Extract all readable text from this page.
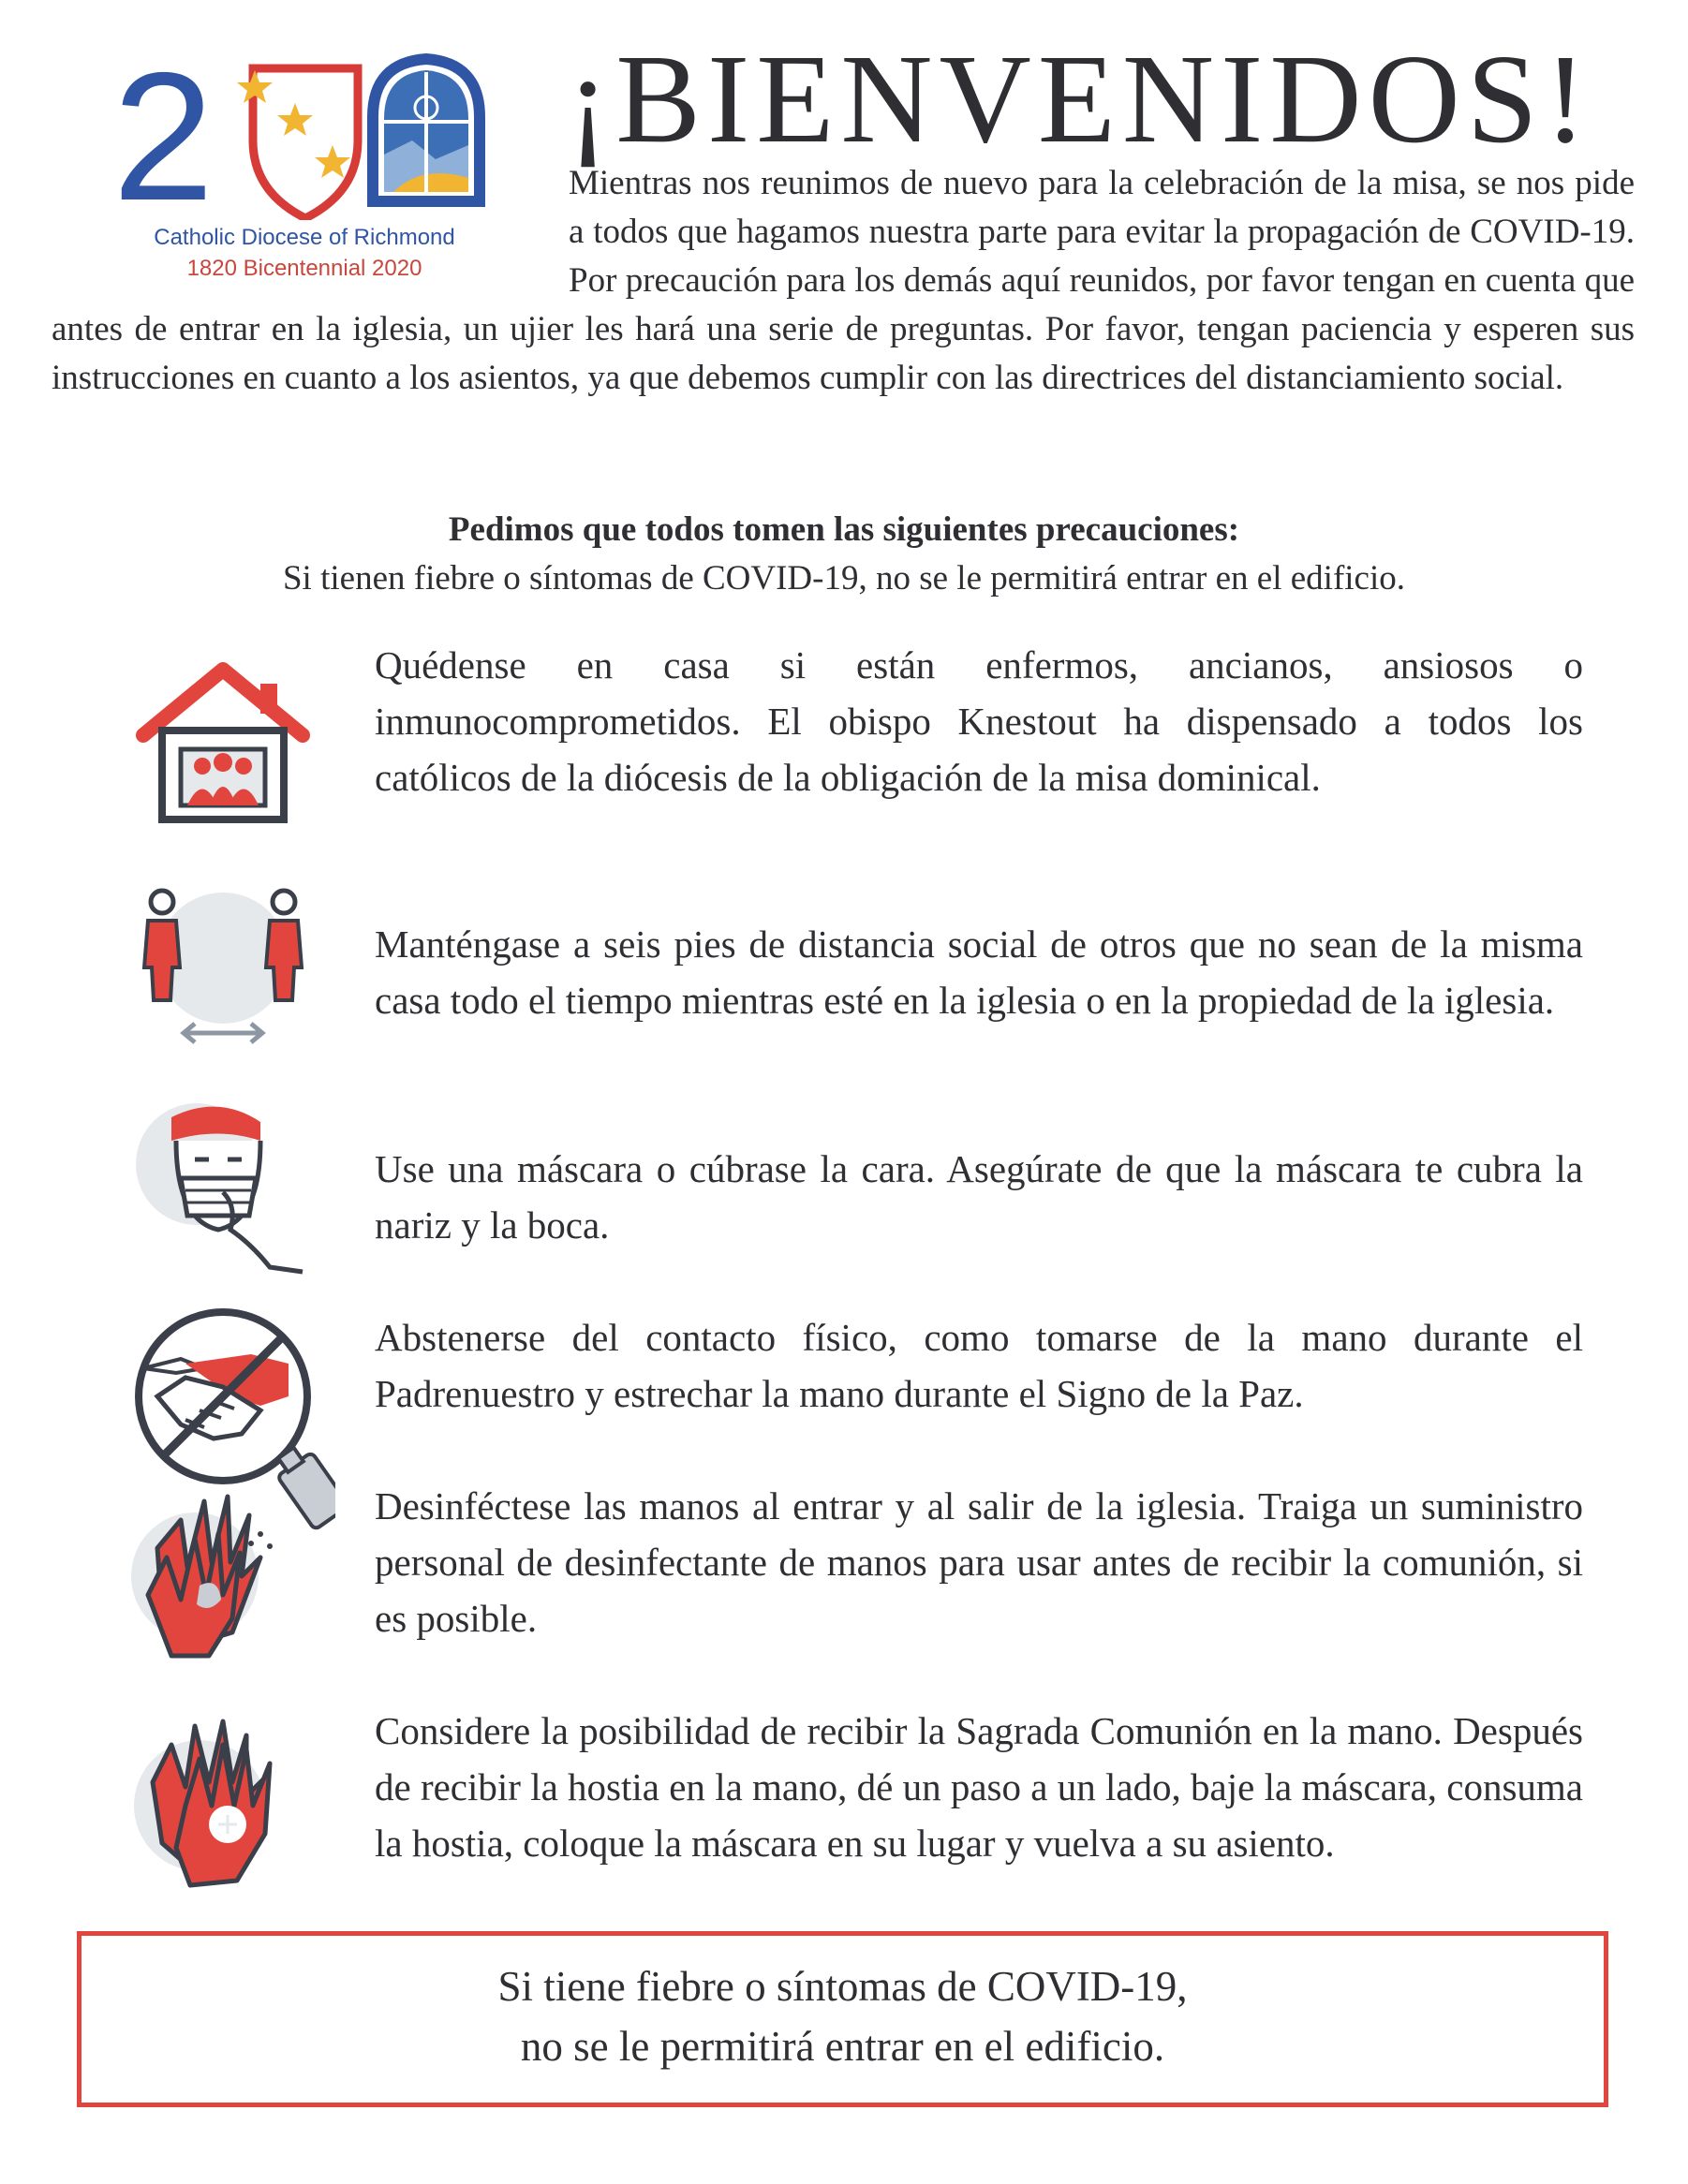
2
Catholic Diocese of Richmond
1820 Bicentennial 2020
¡BIENVENIDOS!
Mientras nos reunimos de nuevo para la celebración de la misa, se nos pide a todos que hagamos nuestra parte para evitar la propagación de COVID-19. Por precaución para los demás aquí reunidos, por favor tengan en cuenta que antes de entrar en la iglesia, un ujier les hará una serie de preguntas. Por favor, tengan paciencia y esperen sus instrucciones en cuanto a los asientos, ya que debemos cumplir con las directrices del distanciamiento social.
Pedimos que todos tomen las siguientes precauciones:
Si tienen fiebre o síntomas de COVID-19, no se le permitirá entrar en el edificio.
Quédense en casa si están enfermos, ancianos, ansiosos o inmunocomprometidos. El obispo Knestout ha dispensado a todos los católicos de la diócesis de la obligación de la misa dominical.
Manténgase a seis pies de distancia social de otros que no sean de la misma casa todo el tiempo mientras esté en la iglesia o en la propiedad de la iglesia.
Use una máscara o cúbrase la cara. Asegúrate de que la máscara te cubra la nariz y la boca.
Abstenerse del contacto físico, como tomarse de la mano durante el Padrenuestro y estrechar la mano durante el Signo de la Paz.
Desinféctese las manos al entrar y al salir de la iglesia. Traiga un suministro personal de desinfectante de manos para usar antes de recibir la comunión, si es posible.
Considere la posibilidad de recibir la Sagrada Comunión en la mano. Después de recibir la hostia en la mano, dé un paso a un lado, baje la máscara, consuma la hostia, coloque la máscara en su lugar y vuelva a su asiento.
Si tiene fiebre o síntomas de COVID-19,
no se le permitirá entrar en el edificio.
